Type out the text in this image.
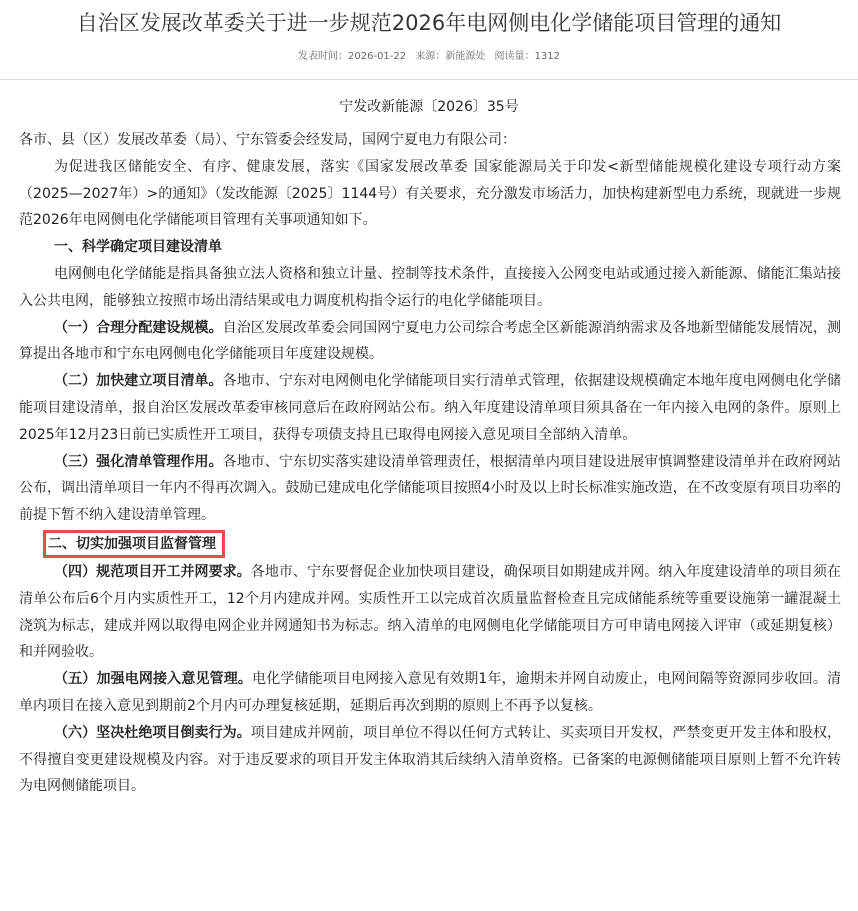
自治区发展改革委关于进一步规范2026年电网侧电化学储能项目管理的通知
发表时间：2026-01-22 来源：新能源处 阅读量：1312
宁发改新能源〔2026〕35号

各市、县（区）发展改革委（局）、宁东管委会经发局，国网宁夏电力有限公司：

为促进我区储能安全、有序、健康发展，落实《国家发展改革委 国家能源局关于印发<新型储能规模化建设专项行动方案（2025—2027年）>的通知》（发改能源〔2025〕1144号）有关要求，充分激发市场活力，加快构建新型电力系统，现就进一步规范2026年电网侧电化学储能项目管理有关事项通知如下。

一、科学确定项目建设清单

电网侧电化学储能是指具备独立法人资格和独立计量、控制等技术条件，直接接入公网变电站或通过接入新能源、储能汇集站接入公共电网，能够独立按照市场出清结果或电力调度机构指令运行的电化学储能项目。

（一）合理分配建设规模。自治区发展改革委会同国网宁夏电力公司综合考虑全区新能源消纳需求及各地新型储能发展情况，测算提出各地市和宁东电网侧电化学储能项目年度建设规模。

（二）加快建立项目清单。各地市、宁东对电网侧电化学储能项目实行清单式管理，依据建设规模确定本地年度电网侧电化学储能项目建设清单，报自治区发展改革委审核同意后在政府网站公布。纳入年度建设清单项目须具备在一年内接入电网的条件。原则上2025年12月23日前已实质性开工项目，获得专项债支持且已取得电网接入意见项目全部纳入清单。

（三）强化清单管理作用。各地市、宁东切实落实建设清单管理责任，根据清单内项目建设进展审慎调整建设清单并在政府网站公布，调出清单项目一年内不得再次调入。鼓励已建成电化学储能项目按照4小时及以上时长标准实施改造，在不改变原有项目功率的前提下暂不纳入建设清单管理。

二、切实加强项目监督管理

（四）规范项目开工并网要求。各地市、宁东要督促企业加快项目建设，确保项目如期建成并网。纳入年度建设清单的项目须在清单公布后6个月内实质性开工，12个月内建成并网。实质性开工以完成首次质量监督检查且完成储能系统等重要设施第一罐混凝土浇筑为标志，建成并网以取得电网企业并网通知书为标志。纳入清单的电网侧电化学储能项目方可申请电网接入评审（或延期复核）和并网验收。

（五）加强电网接入意见管理。电化学储能项目电网接入意见有效期1年，逾期未并网自动废止，电网间隔等资源同步收回。清单内项目在接入意见到期前2个月内可办理复核延期，延期后再次到期的原则上不再予以复核。

（六）坚决杜绝项目倒卖行为。项目建成并网前，项目单位不得以任何方式转让、买卖项目开发权，严禁变更开发主体和股权，不得擅自变更建设规模及内容。对于违反要求的项目开发主体取消其后续纳入清单资格。已备案的电源侧储能项目原则上暂不允许转为电网侧储能项目。
